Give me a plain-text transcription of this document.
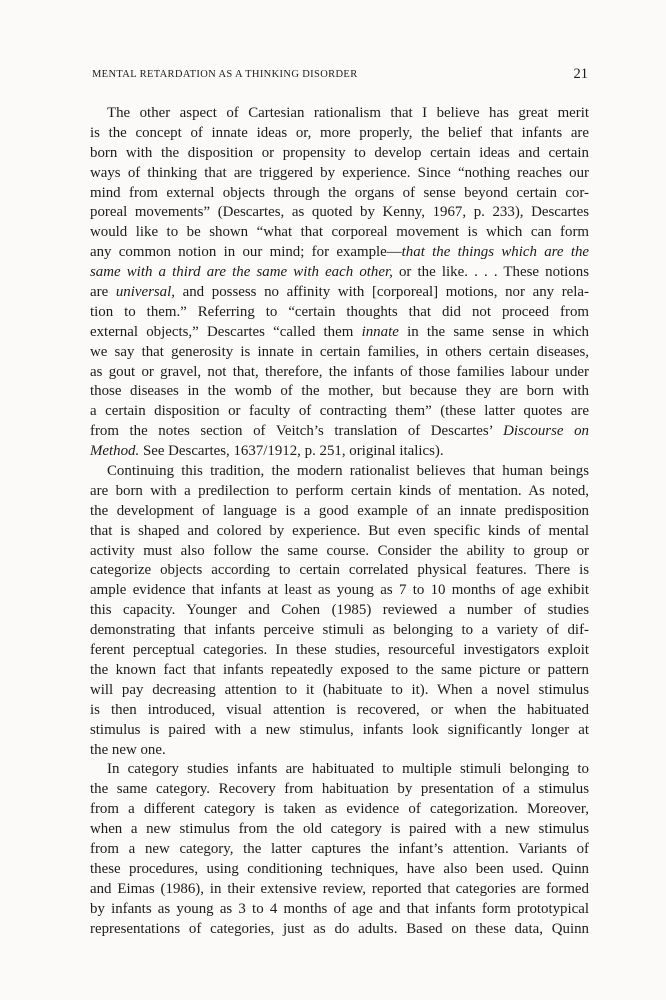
MENTAL RETARDATION AS A THINKING DISORDER	21
The other aspect of Cartesian rationalism that I believe has great merit
is the concept of innate ideas or, more properly, the belief that infants are
born with the disposition or propensity to develop certain ideas and certain
ways of thinking that are triggered by experience. Since “nothing reaches our
mind from external objects through the organs of sense beyond certain cor-
poreal movements” (Descartes, as quoted by Kenny, 1967, p. 233), Descartes
would like to be shown “what that corporeal movement is which can form
any common notion in our mind; for example—that the things which are the
same with a third are the same with each other, or the like. . . . These notions
are universal, and possess no affinity with [corporeal] motions, nor any rela-
tion to them.” Referring to “certain thoughts that did not proceed from
external objects,” Descartes “called them innate in the same sense in which
we say that generosity is innate in certain families, in others certain diseases,
as gout or gravel, not that, therefore, the infants of those families labour under
those diseases in the womb of the mother, but because they are born with
a certain disposition or faculty of contracting them” (these latter quotes are
from the notes section of Veitch’s translation of Descartes’ Discourse on
Method. See Descartes, 1637/1912, p. 251, original italics).
Continuing this tradition, the modern rationalist believes that human beings
are born with a predilection to perform certain kinds of mentation. As noted,
the development of language is a good example of an innate predisposition
that is shaped and colored by experience. But even specific kinds of mental
activity must also follow the same course. Consider the ability to group or
categorize objects according to certain correlated physical features. There is
ample evidence that infants at least as young as 7 to 10 months of age exhibit
this capacity. Younger and Cohen (1985) reviewed a number of studies
demonstrating that infants perceive stimuli as belonging to a variety of dif-
ferent perceptual categories. In these studies, resourceful investigators exploit
the known fact that infants repeatedly exposed to the same picture or pattern
will pay decreasing attention to it (habituate to it). When a novel stimulus
is then introduced, visual attention is recovered, or when the habituated
stimulus is paired with a new stimulus, infants look significantly longer at
the new one.
In category studies infants are habituated to multiple stimuli belonging to
the same category. Recovery from habituation by presentation of a stimulus
from a different category is taken as evidence of categorization. Moreover,
when a new stimulus from the old category is paired with a new stimulus
from a new category, the latter captures the infant’s attention. Variants of
these procedures, using conditioning techniques, have also been used. Quinn
and Eimas (1986), in their extensive review, reported that categories are formed
by infants as young as 3 to 4 months of age and that infants form prototypical
representations of categories, just as do adults. Based on these data, Quinn
